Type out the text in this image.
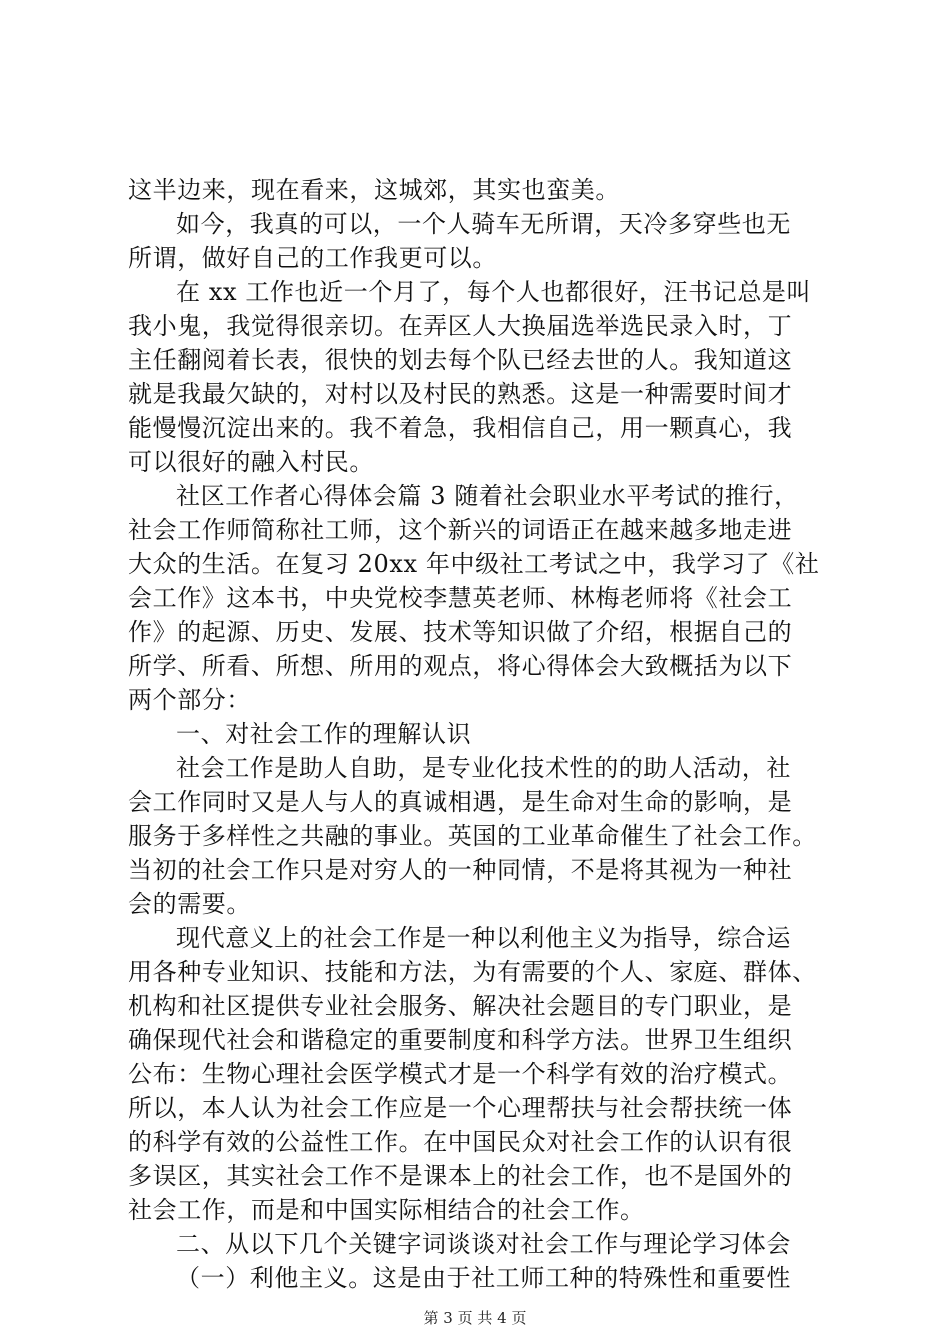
这半边来，现在看来，这城郊，其实也蛮美。
如今，我真的可以，一个人骑车无所谓，天冷多穿些也无
所谓，做好自己的工作我更可以。
在 xx 工作也近一个月了，每个人也都很好，汪书记总是叫
我小鬼，我觉得很亲切。在弄区人大换届选举选民录入时，丁
主任翻阅着长表，很快的划去每个队已经去世的人。我知道这
就是我最欠缺的，对村以及村民的熟悉。这是一种需要时间才
能慢慢沉淀出来的。我不着急，我相信自己，用一颗真心，我
可以很好的融入村民。
社区工作者心得体会篇 3 随着社会职业水平考试的推行，
社会工作师简称社工师，这个新兴的词语正在越来越多地走进
大众的生活。在复习 20xx 年中级社工考试之中，我学习了《社
会工作》这本书，中央党校李慧英老师、林梅老师将《社会工
作》的起源、历史、发展、技术等知识做了介绍，根据自己的
所学、所看、所想、所用的观点，将心得体会大致概括为以下
两个部分：
一、对社会工作的理解认识
社会工作是助人自助，是专业化技术性的的助人活动，社
会工作同时又是人与人的真诚相遇，是生命对生命的影响，是
服务于多样性之共融的事业。英国的工业革命催生了社会工作。
当初的社会工作只是对穷人的一种同情，不是将其视为一种社
会的需要。
现代意义上的社会工作是一种以利他主义为指导，综合运
用各种专业知识、技能和方法，为有需要的个人、家庭、群体、
机构和社区提供专业社会服务、解决社会题目的专门职业，是
确保现代社会和谐稳定的重要制度和科学方法。世界卫生组织
公布：生物心理社会医学模式才是一个科学有效的治疗模式。
所以，本人认为社会工作应是一个心理帮扶与社会帮扶统一体
的科学有效的公益性工作。在中国民众对社会工作的认识有很
多误区，其实社会工作不是课本上的社会工作，也不是国外的
社会工作，而是和中国实际相结合的社会工作。
二、从以下几个关键字词谈谈对社会工作与理论学习体会
（一）利他主义。这是由于社工师工种的特殊性和重要性
第 3 页 共 4 页
